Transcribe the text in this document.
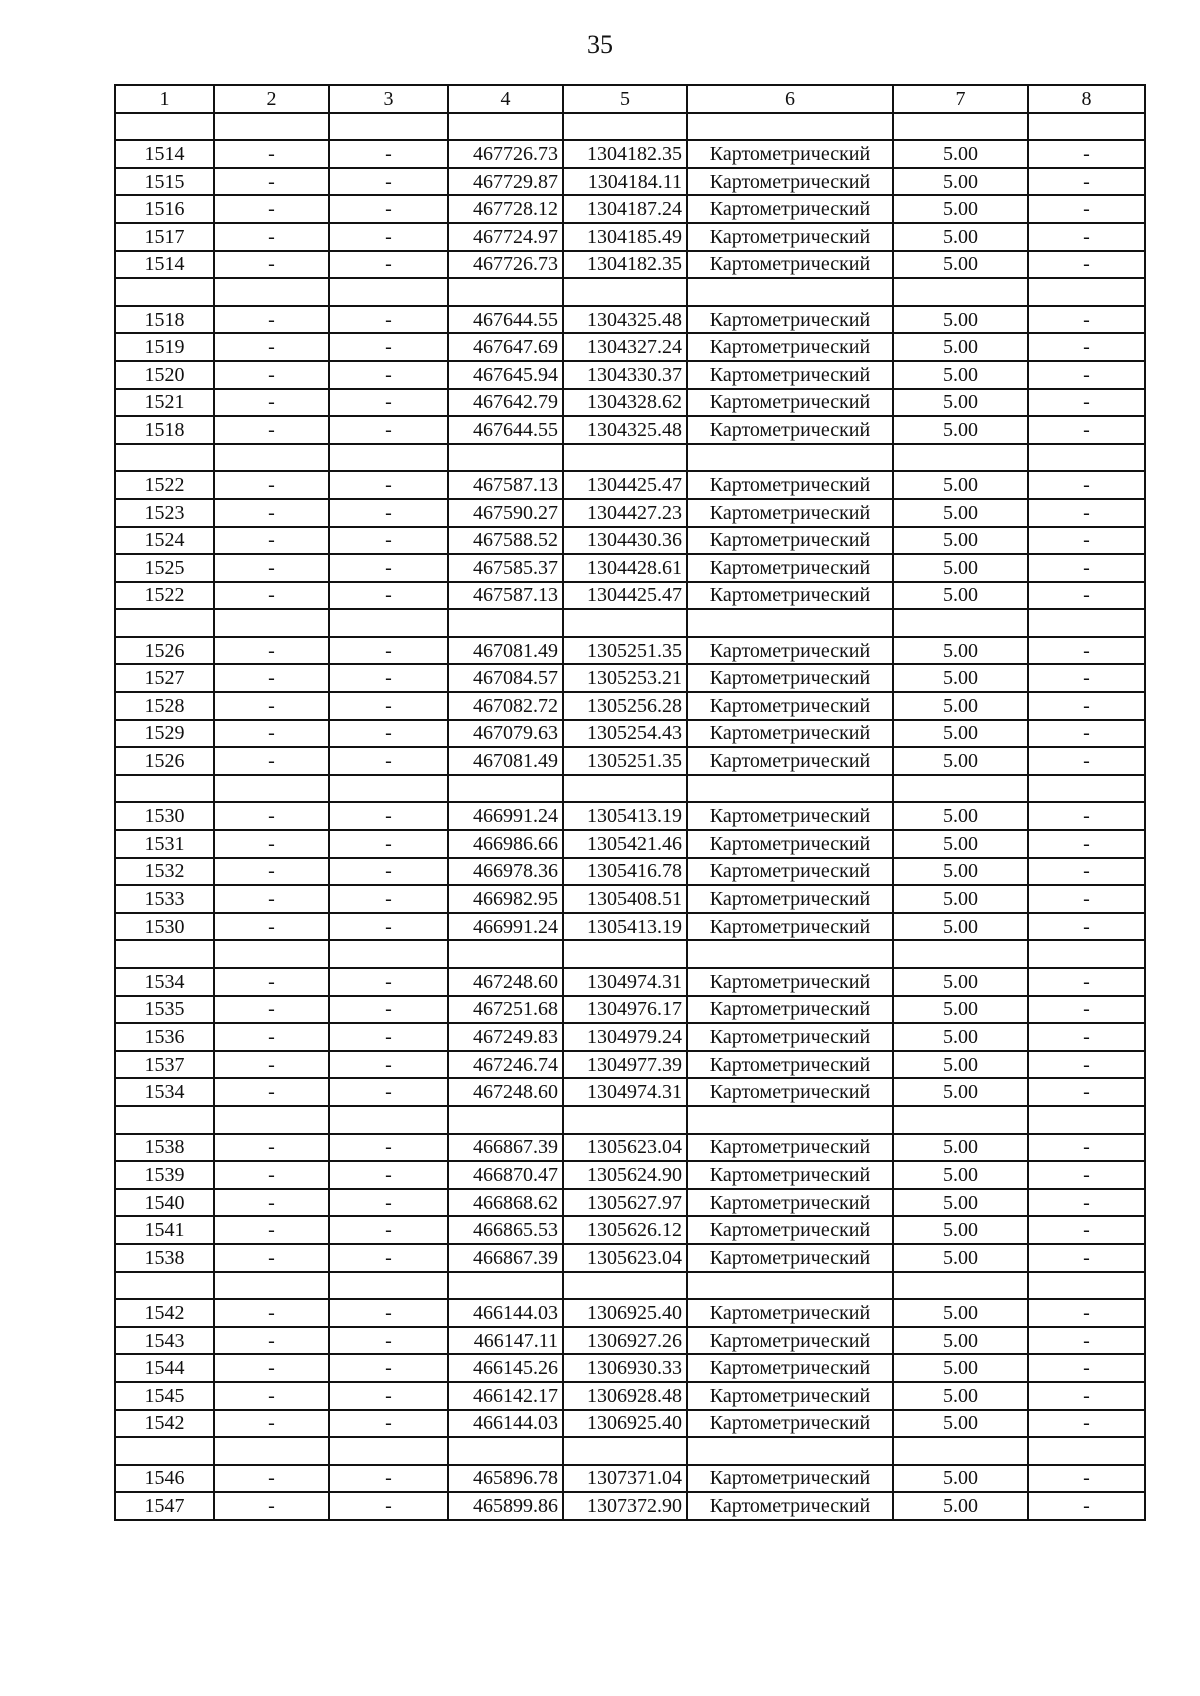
35
1	2	3	4	5	6	7	8

1514	-	-	467726.73	1304182.35	Картометрический	5.00	-
1515	-	-	467729.87	1304184.11	Картометрический	5.00	-
1516	-	-	467728.12	1304187.24	Картометрический	5.00	-
1517	-	-	467724.97	1304185.49	Картометрический	5.00	-
1514	-	-	467726.73	1304182.35	Картометрический	5.00	-

1518	-	-	467644.55	1304325.48	Картометрический	5.00	-
1519	-	-	467647.69	1304327.24	Картометрический	5.00	-
1520	-	-	467645.94	1304330.37	Картометрический	5.00	-
1521	-	-	467642.79	1304328.62	Картометрический	5.00	-
1518	-	-	467644.55	1304325.48	Картометрический	5.00	-

1522	-	-	467587.13	1304425.47	Картометрический	5.00	-
1523	-	-	467590.27	1304427.23	Картометрический	5.00	-
1524	-	-	467588.52	1304430.36	Картометрический	5.00	-
1525	-	-	467585.37	1304428.61	Картометрический	5.00	-
1522	-	-	467587.13	1304425.47	Картометрический	5.00	-

1526	-	-	467081.49	1305251.35	Картометрический	5.00	-
1527	-	-	467084.57	1305253.21	Картометрический	5.00	-
1528	-	-	467082.72	1305256.28	Картометрический	5.00	-
1529	-	-	467079.63	1305254.43	Картометрический	5.00	-
1526	-	-	467081.49	1305251.35	Картометрический	5.00	-

1530	-	-	466991.24	1305413.19	Картометрический	5.00	-
1531	-	-	466986.66	1305421.46	Картометрический	5.00	-
1532	-	-	466978.36	1305416.78	Картометрический	5.00	-
1533	-	-	466982.95	1305408.51	Картометрический	5.00	-
1530	-	-	466991.24	1305413.19	Картометрический	5.00	-

1534	-	-	467248.60	1304974.31	Картометрический	5.00	-
1535	-	-	467251.68	1304976.17	Картометрический	5.00	-
1536	-	-	467249.83	1304979.24	Картометрический	5.00	-
1537	-	-	467246.74	1304977.39	Картометрический	5.00	-
1534	-	-	467248.60	1304974.31	Картометрический	5.00	-

1538	-	-	466867.39	1305623.04	Картометрический	5.00	-
1539	-	-	466870.47	1305624.90	Картометрический	5.00	-
1540	-	-	466868.62	1305627.97	Картометрический	5.00	-
1541	-	-	466865.53	1305626.12	Картометрический	5.00	-
1538	-	-	466867.39	1305623.04	Картометрический	5.00	-

1542	-	-	466144.03	1306925.40	Картометрический	5.00	-
1543	-	-	466147.11	1306927.26	Картометрический	5.00	-
1544	-	-	466145.26	1306930.33	Картометрический	5.00	-
1545	-	-	466142.17	1306928.48	Картометрический	5.00	-
1542	-	-	466144.03	1306925.40	Картометрический	5.00	-

1546	-	-	465896.78	1307371.04	Картометрический	5.00	-
1547	-	-	465899.86	1307372.90	Картометрический	5.00	-
